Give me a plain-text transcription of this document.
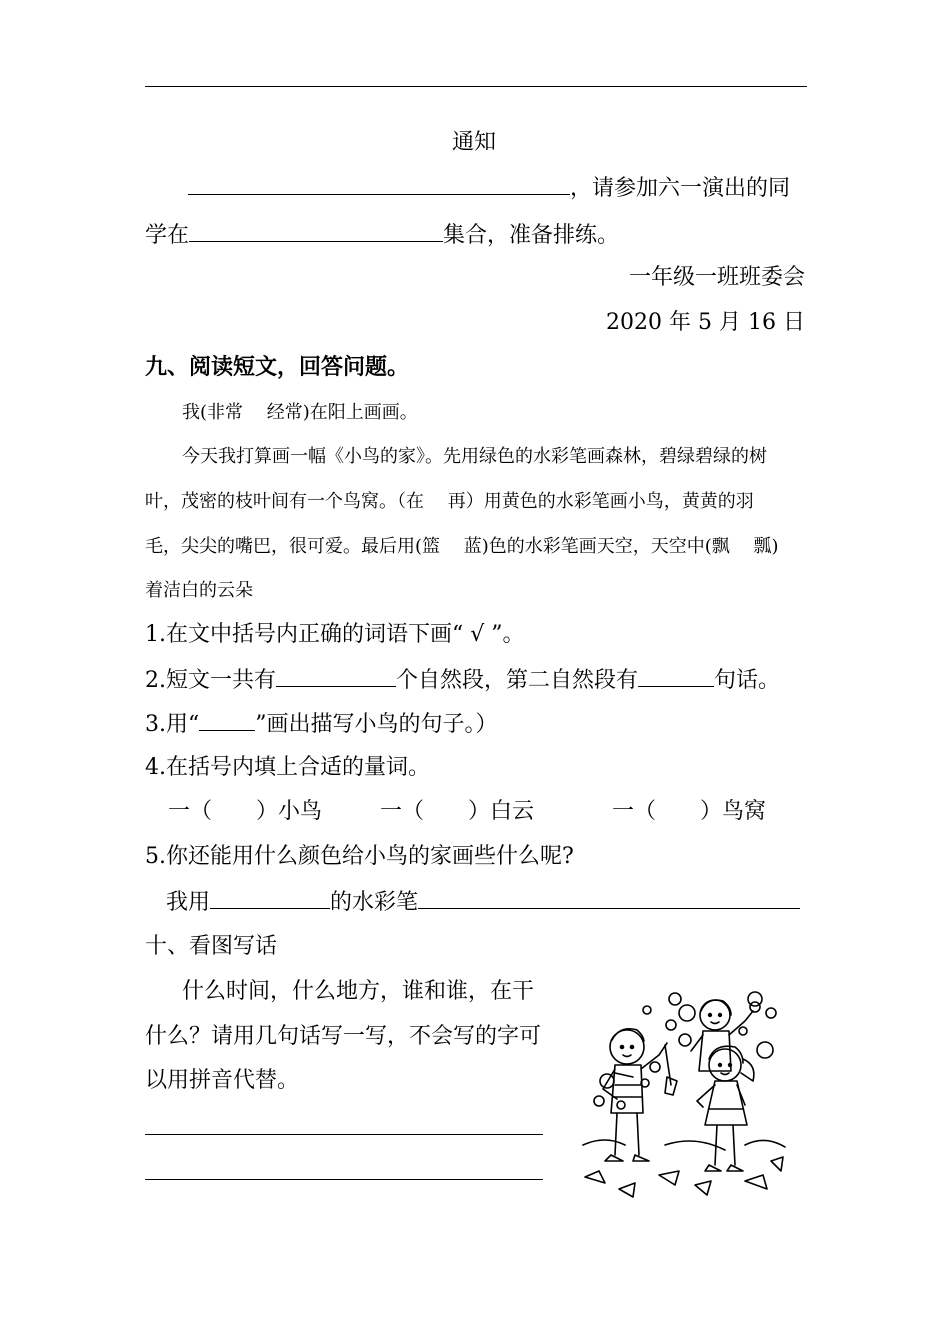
通知
，请参加六一演出的同
学在	集合，准备排练。
一年级一班班委会
2020 年 5 月 16 日
九、阅读短文，回答问题。
我(非常　 经常)在阳上画画。
今天我打算画一幅《小鸟的家》。先用绿色的水彩笔画森林，碧绿碧绿的树
叶，茂密的枝叶间有一个鸟窝。（在　 再）用黄色的水彩笔画小鸟，黄黄的羽
毛，尖尖的嘴巴，很可爱。最后用(篮　 蓝)色的水彩笔画天空，天空中(飘　 瓢)
着洁白的云朵
1.在文中括号内正确的词语下画“ √ ”。
2.短文一共有	个自然段，第二自然段有	句话。
3.用“	”画出描写小鸟的句子。）
4.在括号内填上合适的量词。
一（　　）小鸟	一（　　）白云	一（　　）鸟窝
5.你还能用什么颜色给小鸟的家画些什么呢?
我用	的水彩笔
十、看图写话
什么时间，什么地方，谁和谁，在干
什么？请用几句话写一写，不会写的字可
以用拼音代替。
